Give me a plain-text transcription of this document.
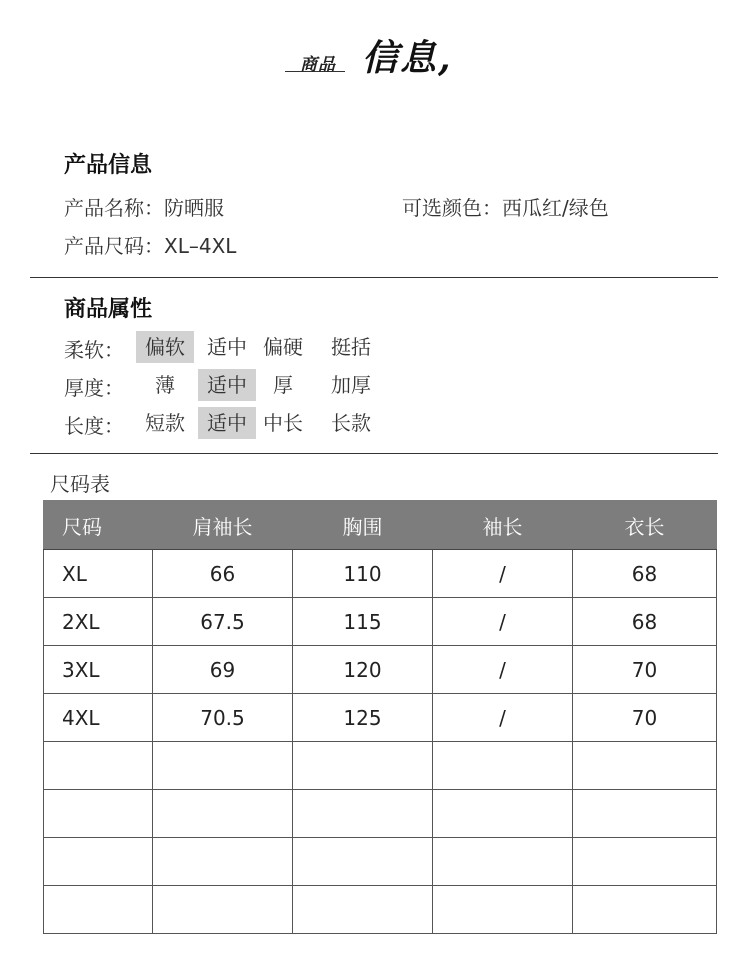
商品 信息,
产品信息
产品名称：防晒服	可选颜色：西瓜红/绿色
产品尺码：XL–4XL
商品属性
柔软：	偏软	适中 偏硬 挺括
厚度：	薄	适中	厚	加厚
长度：	短款	适中 中长 长款
尺码表
尺码	肩袖长	胸围	袖长	衣长
XL	66	110	/	68
2XL	67.5	115	/	68
3XL	69	120	/	70
4XL	70.5	125	/	70
